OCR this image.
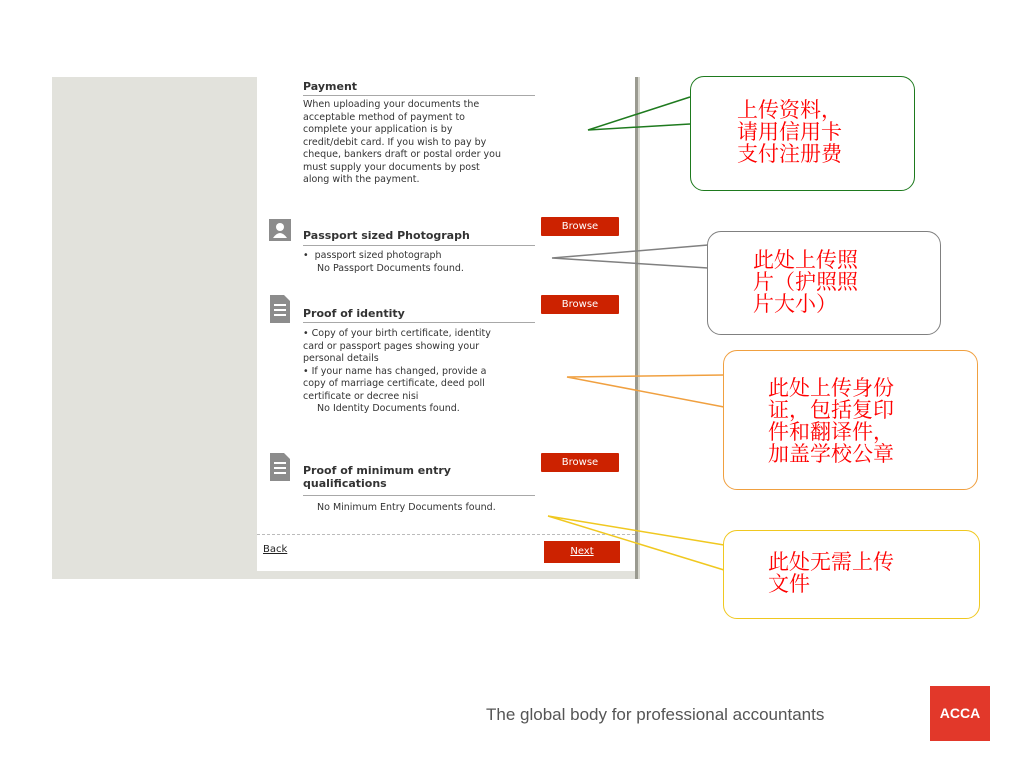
Payment

When uploading your documents the

acceptable method of payment to

complete your application is by

credit/debit card. If you wish to pay by

cheque, bankers draft or postal order you

must supply your documents by post

along with the payment.

Passport sized Photograph

•  passport sized photograph

No Passport Documents found.

Browse
Proof of identity

• Copy of your birth certificate, identity

card or passport pages showing your

personal details

• If your name has changed, provide a

copy of marriage certificate, deed poll

certificate or decree nisi

No Identity Documents found.

Browse
Proof of minimum entry
qualifications
No Minimum Entry Documents found.
Browse
Back	Next
上传资料，
请用信用卡
支付注册费
此处上传照
片（护照照
片大小）
此处上传身份
证，包括复印
件和翻译件，
加盖学校公章
此处无需上传
文件
The global body for professional accountants	ACCA
